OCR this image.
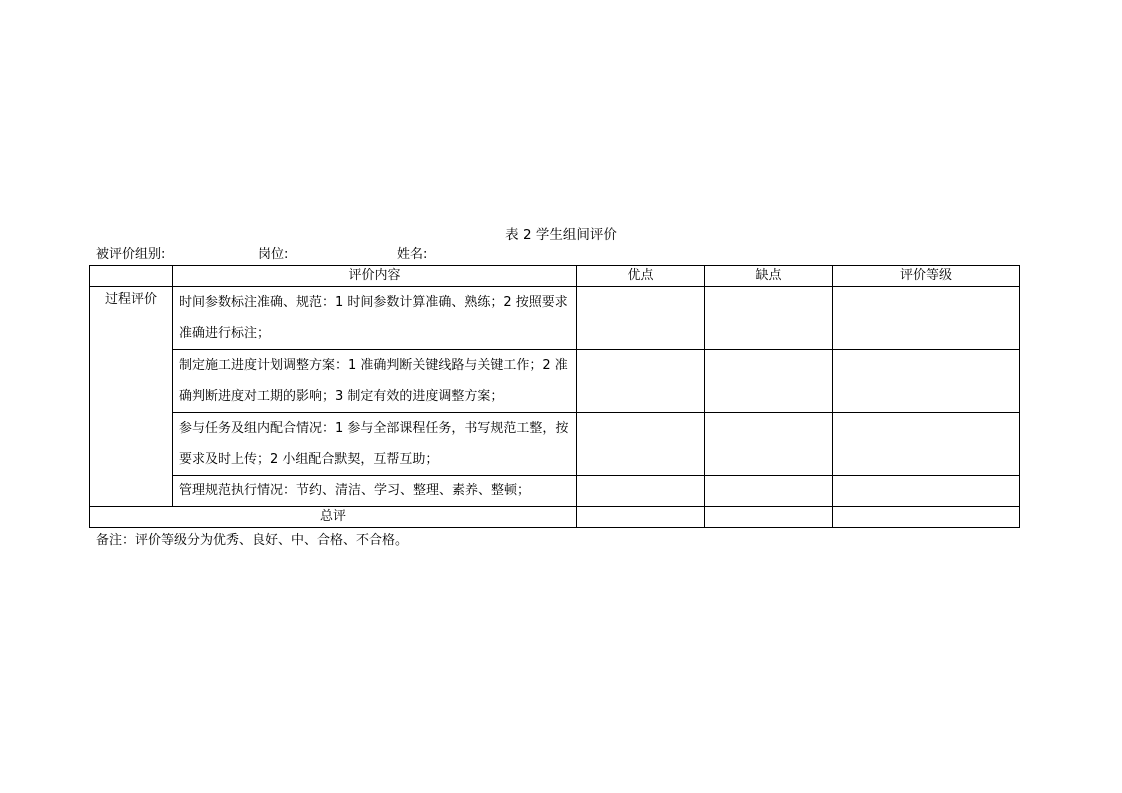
表 2 学生组间评价
被评价组别:	岗位:	姓名:
	评价内容	优点	缺点	评价等级
过程评价	时间参数标注准确、规范：1 时间参数计算准确、熟练；2 按照要求准确进行标注；			
	制定施工进度计划调整方案：1 准确判断关键线路与关键工作；2 准确判断进度对工期的影响；3 制定有效的进度调整方案；			
	参与任务及组内配合情况：1 参与全部课程任务，书写规范工整，按要求及时上传；2 小组配合默契，互帮互助；			
	管理规范执行情况：节约、清洁、学习、整理、素养、整顿；			
总评				
备注：评价等级分为优秀、良好、中、合格、不合格。
